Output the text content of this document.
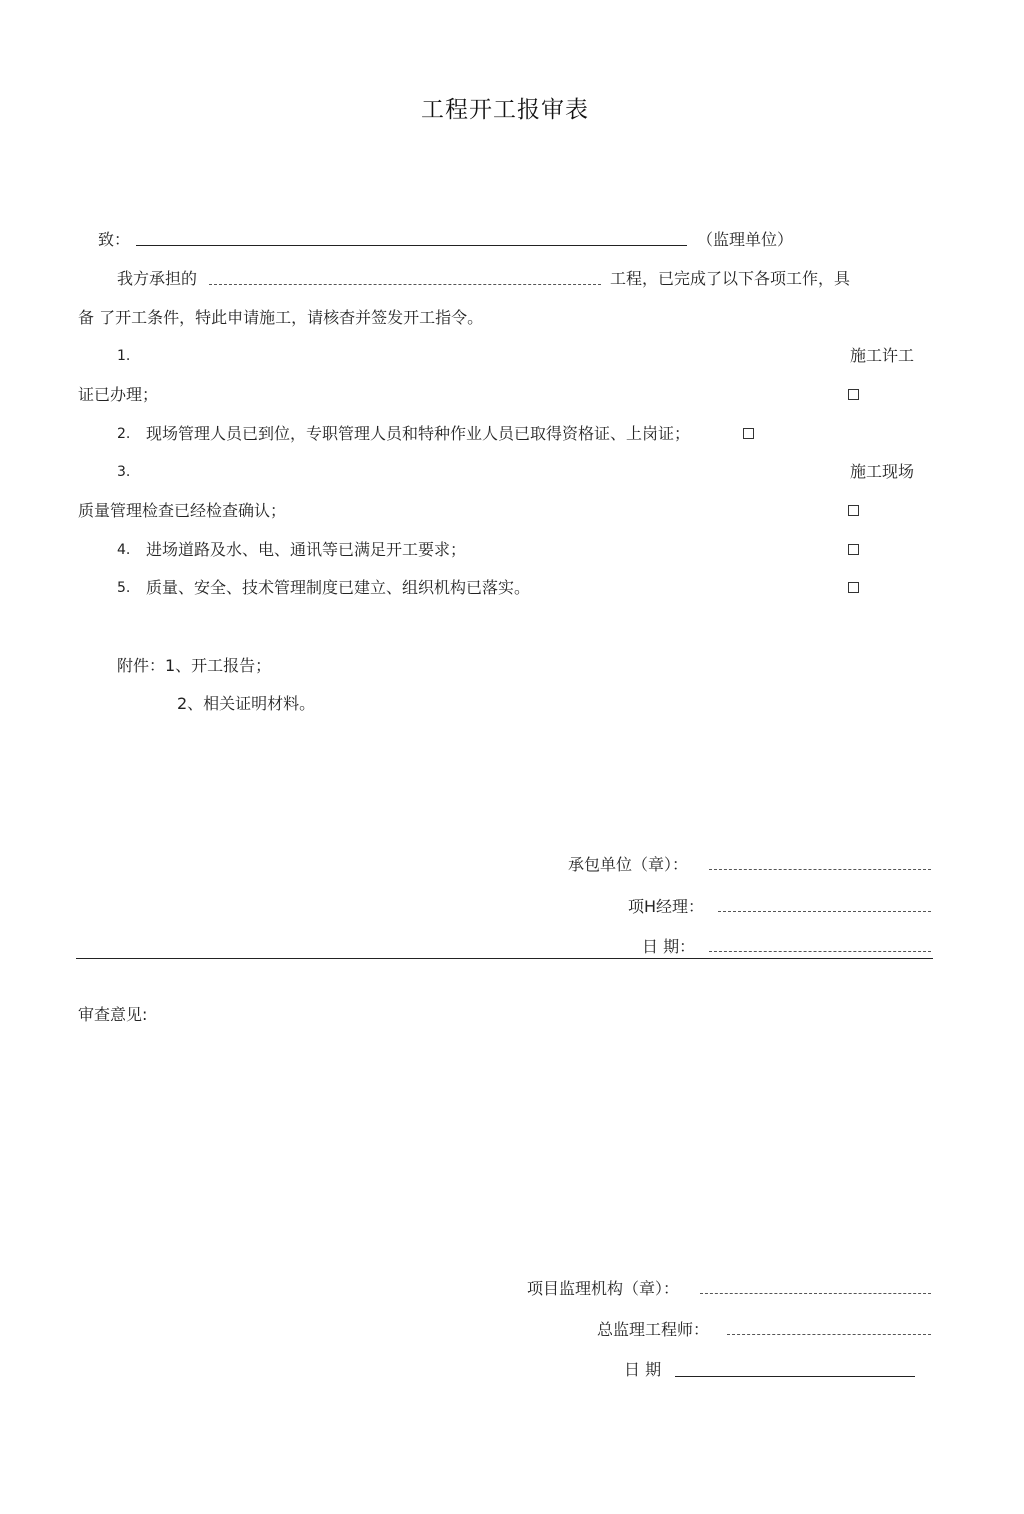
工程开工报审表
致：	（监理单位）
我方承担的	工程，已完成了以下各项工作，具
备 了开工条件，特此申请施工，请核杳并签发开工指令。
1.	施工许工
证已办理；
2. 现场管理人员已到位，专职管理人员和特种作业人员已取得资格证、上岗证；
3.	施工现场
质量管理检查已经检查确认；
4. 进场道路及水、电、通讯等已满足开工要求；
5. 质量、安全、技术管理制度已建立、组织机构已落实。
附件：1、开工报告；
2、相关证明材料。
承包单位（章）：
项H经理：
日 期：
审查意见:
项目监理机构（章）：
总监理工程师：
日 期
